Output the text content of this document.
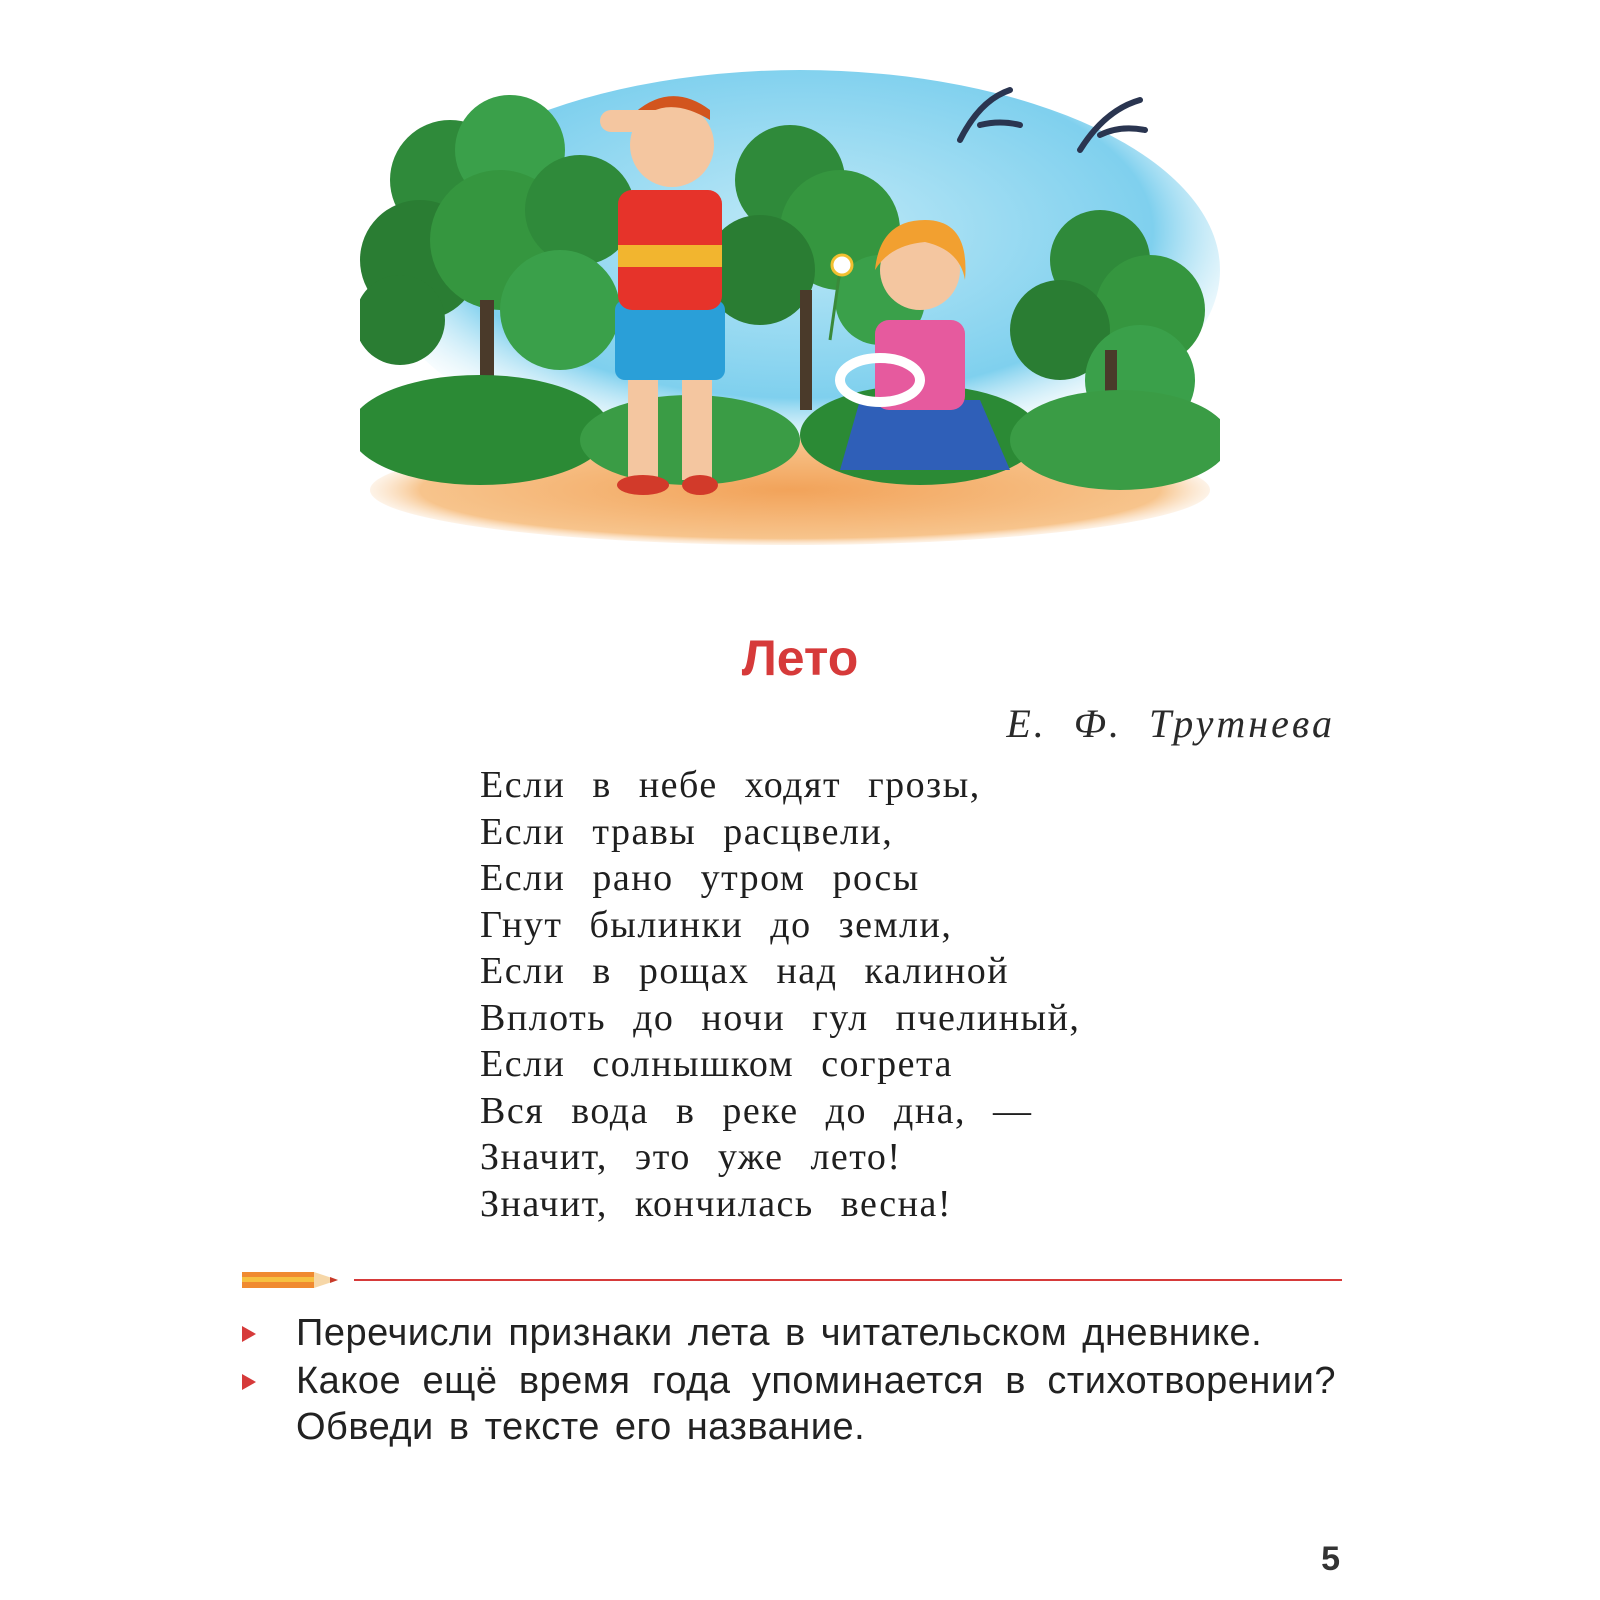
Лето
Е. Ф. Трутнева
Если в небе ходят грозы,
Если травы расцвели,
Если рано утром росы
Гнут былинки до земли,
Если в рощах над калиной
Вплоть до ночи гул пчелиный,
Если солнышком согрета
Вся вода в реке до дна, —
Значит, это уже лето!
Значит, кончилась весна!
Перечисли признаки лета в читательском дневнике.
Какое ещё время года упоминается в стихотворении? Обведи в тексте его название.
5
